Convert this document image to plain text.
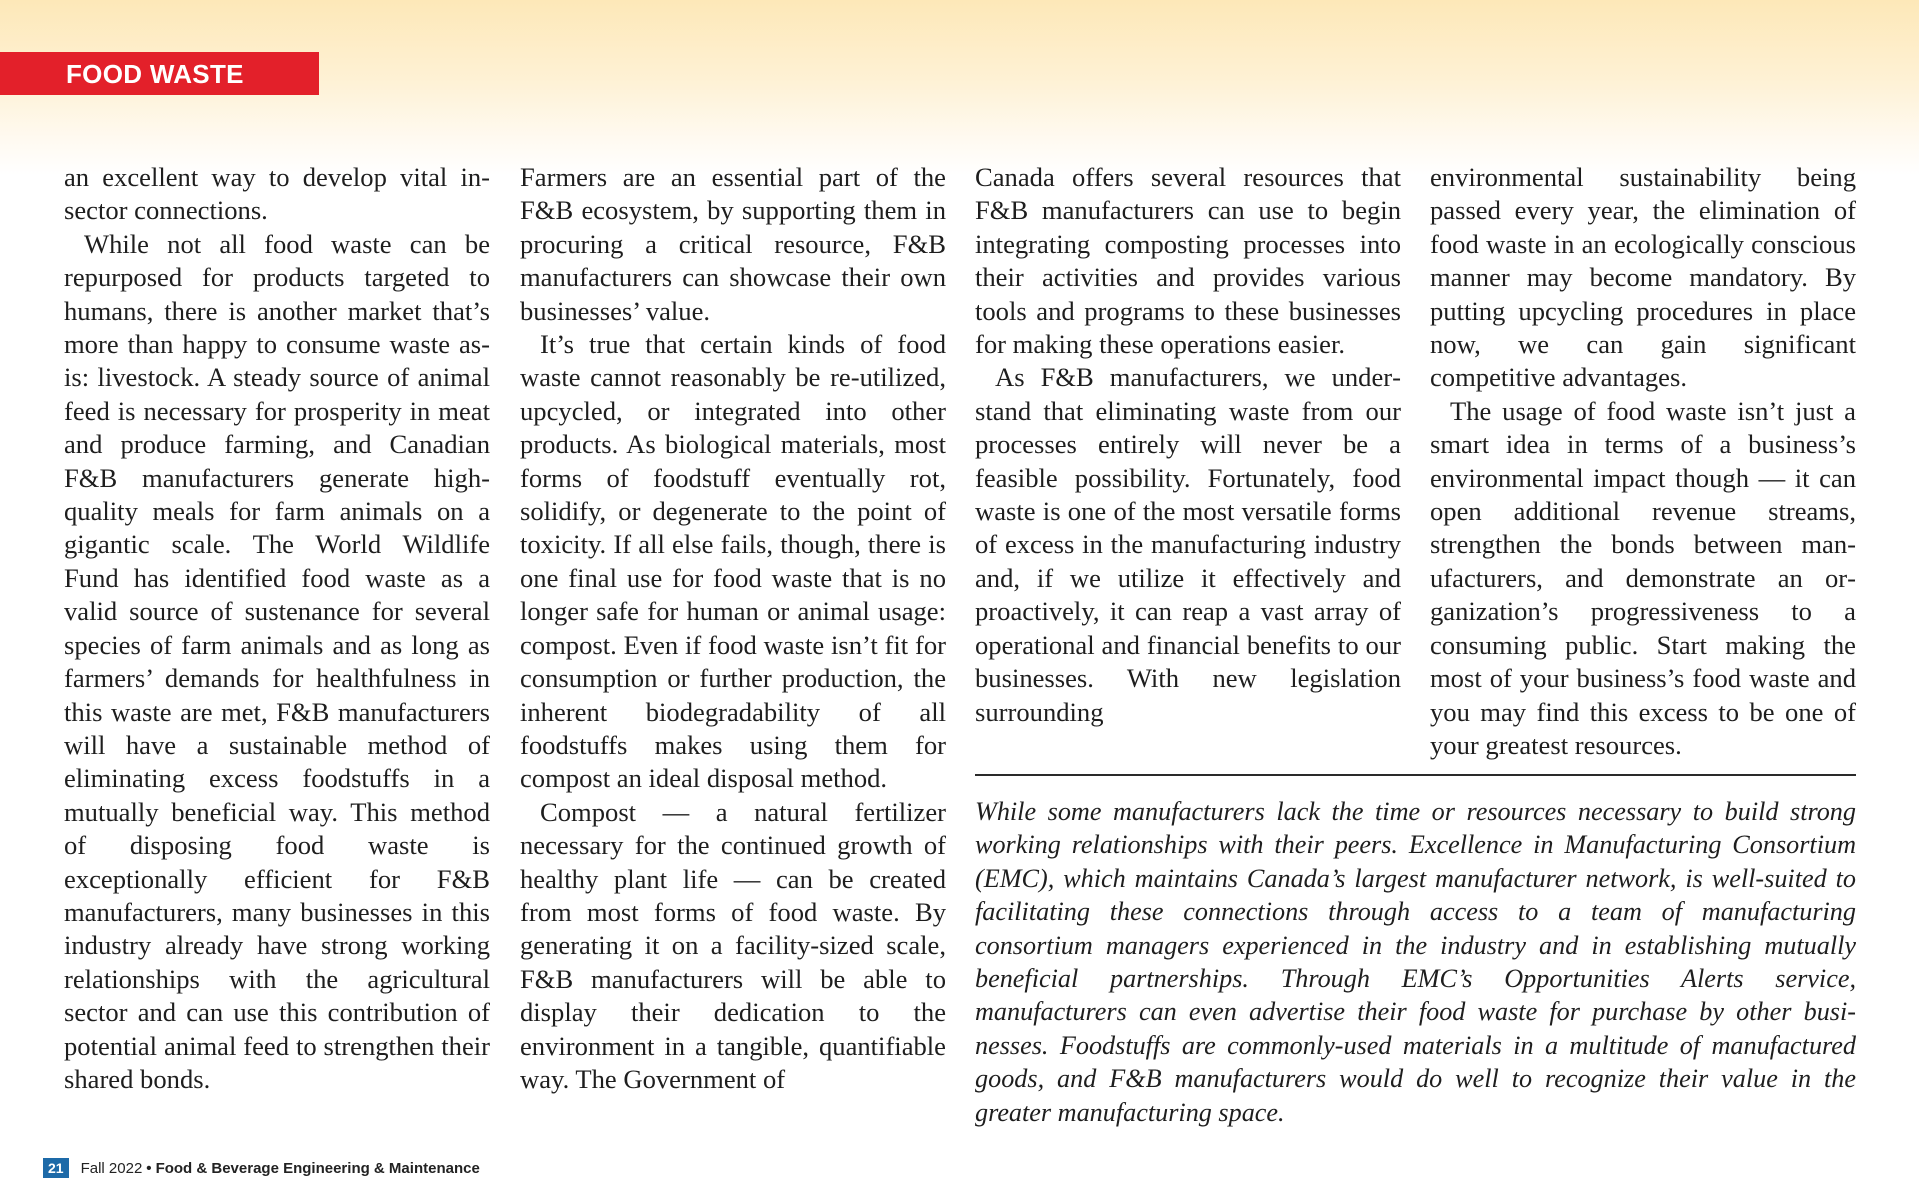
FOOD WASTE

an excellent way to develop vital insector connections.

While not all food waste can be repurposed for products targeted to humans, there is another market that’s more than happy to consume waste as-is: livestock. A steady source of animal feed is necessary for prosperity in meat and produce farming, and Canadian F&B manufacturers generate high-quality meals for farm animals on a gigantic scale. The World Wildlife Fund has identified food waste as a valid source of sustenance for several species of farm animals and as long as farmers’ demands for healthfulness in this waste are met, F&B manufacturers will have a sustainable method of eliminating excess foodstuffs in a mutually beneficial way. This method of disposing food waste is exceptionally efficient for F&B manufacturers, many businesses in this industry already have strong working relationships with the agricultural sector and can use this contribution of potential animal feed to strengthen their shared bonds.

Farmers are an essential part of the F&B ecosystem, by supporting them in procuring a critical resource, F&B manufacturers can showcase their own businesses’ value.

It’s true that certain kinds of food waste cannot reasonably be re-utilized, upcycled, or integrated into other products. As biological materials, most forms of foodstuff eventually rot, solidify, or degenerate to the point of toxicity. If all else fails, though, there is one final use for food waste that is no longer safe for human or animal usage: compost. Even if food waste isn’t fit for consumption or further production, the inherent biodegradability of all foodstuffs makes using them for compost an ideal disposal method.

Compost — a natural fertilizer necessary for the continued growth of healthy plant life — can be created from most forms of food waste. By generating it on a facility-sized scale, F&B manufacturers will be able to display their dedication to the environment in a tangible, quantifiable way. The Government of

Canada offers several resources that F&B manufacturers can use to begin integrating composting processes into their activities and provides various tools and programs to these businesses for making these operations easier.

As F&B manufacturers, we understand that eliminating waste from our processes entirely will never be a feasible possibility. Fortunately, food waste is one of the most versatile forms of excess in the manufacturing industry and, if we utilize it effectively and proactively, it can reap a vast array of operational and financial benefits to our businesses. With new legislation surrounding

environmental sustainability being passed every year, the elimination of food waste in an ecologically conscious manner may become mandatory. By putting upcycling procedures in place now, we can gain significant competitive advantages.

The usage of food waste isn’t just a smart idea in terms of a business’s environmental impact though — it can open additional revenue streams, strengthen the bonds between manufacturers, and demonstrate an organization’s progressiveness to a consuming public. Start making the most of your business’s food waste and you may find this excess to be one of your greatest resources.

While some manufacturers lack the time or resources necessary to build strong working relationships with their peers. Excellence in Manufacturing Consortium (EMC), which maintains Canada’s largest manufacturer network, is well-suited to facilitating these connections through access to a team of manufacturing consortium managers experienced in the industry and in establishing mutually beneficial partnerships. Through EMC’s Opportunities Alerts service, manufacturers can even advertise their food waste for purchase by other businesses. Foodstuffs are commonly-used materials in a multitude of manufactured goods, and F&B manufacturers would do well to recognize their value in the greater manufacturing space.

21	Fall 2022 • Food & Beverage Engineering & Maintenance
